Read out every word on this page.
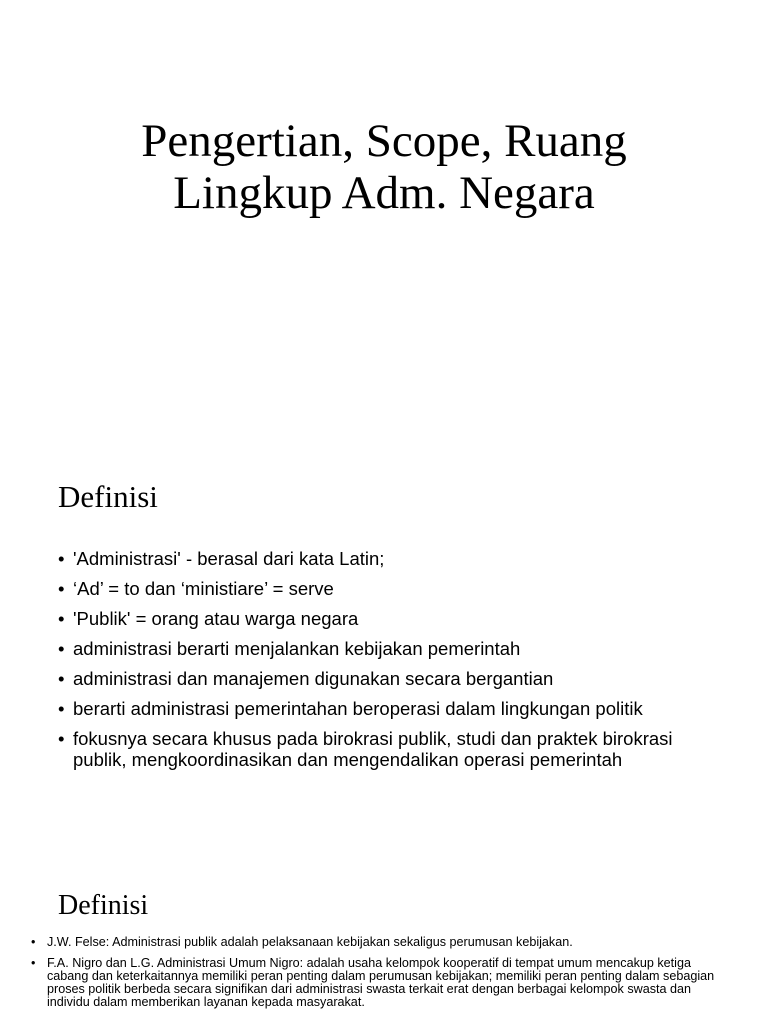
Pengertian, Scope, Ruang
Lingkup Adm. Negara
Definisi
• 'Administrasi' - berasal dari kata Latin;
• ‘Ad’ = to dan ‘ministiare’ = serve
• 'Publik' = orang atau warga negara
• administrasi berarti menjalankan kebijakan pemerintah
• administrasi dan manajemen digunakan secara bergantian
• berarti administrasi pemerintahan beroperasi dalam lingkungan politik
• fokusnya secara khusus pada birokrasi publik, studi dan praktek birokrasi publik, mengkoordinasikan dan mengendalikan operasi pemerintah
Definisi
• J.W. Felse: Administrasi publik adalah pelaksanaan kebijakan sekaligus perumusan kebijakan.
• F.A. Nigro dan L.G. Administrasi Umum Nigro: adalah usaha kelompok kooperatif di tempat umum mencakup ketiga cabang dan keterkaitannya memiliki peran penting dalam perumusan kebijakan; memiliki peran penting dalam sebagian proses politik berbeda secara signifikan dari administrasi swasta terkait erat dengan berbagai kelompok swasta dan individu dalam memberikan layanan kepada masyarakat.
